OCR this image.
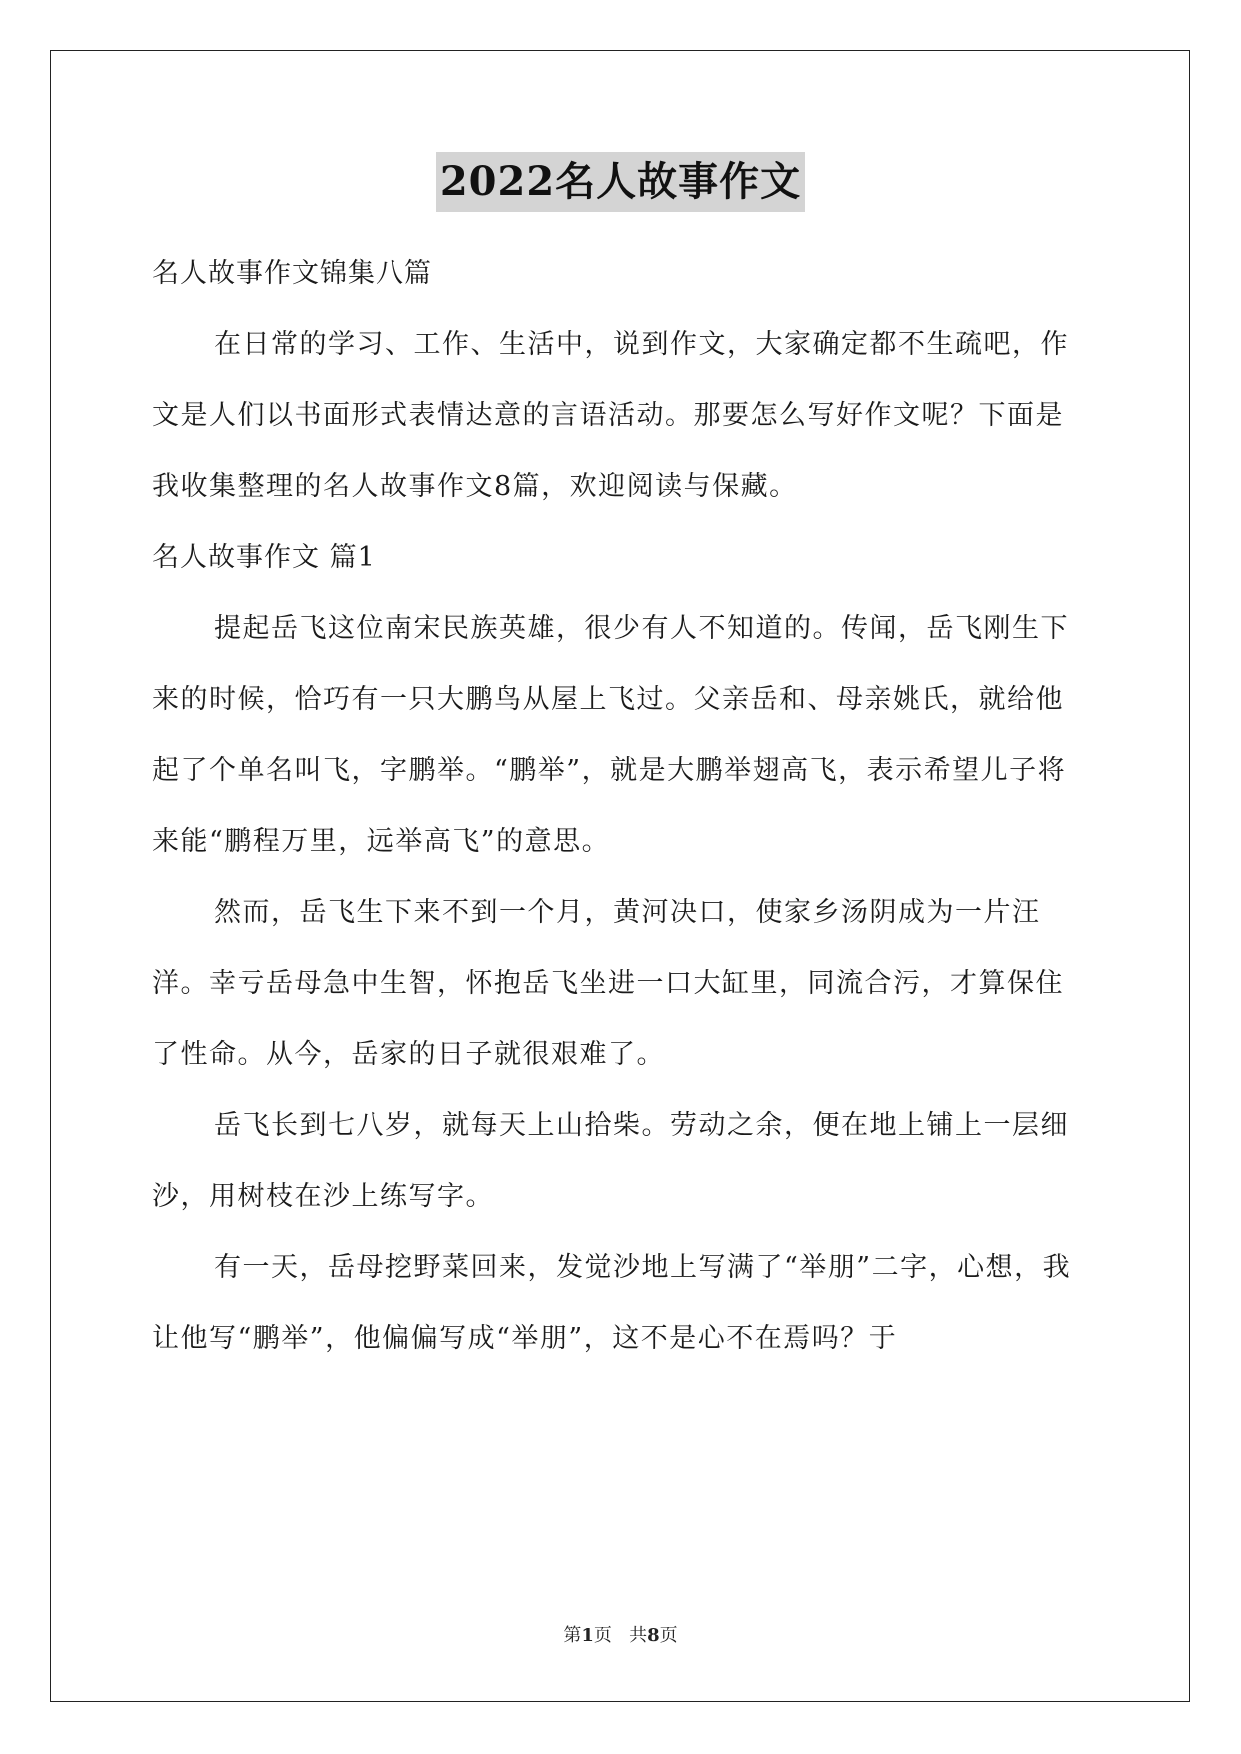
2022名人故事作文

名人故事作文锦集八篇

在日常的学习、工作、生活中，说到作文，大家确定都不生疏吧，作文是人们以书面形式表情达意的言语活动。那要怎么写好作文呢？下面是我收集整理的名人故事作文8篇，欢迎阅读与保藏。

名人故事作文 篇1

提起岳飞这位南宋民族英雄，很少有人不知道的。传闻，岳飞刚生下来的时候，恰巧有一只大鹏鸟从屋上飞过。父亲岳和、母亲姚氏，就给他起了个单名叫飞，字鹏举。“鹏举”，就是大鹏举翅高飞，表示希望儿子将来能“鹏程万里，远举高飞”的意思。

然而，岳飞生下来不到一个月，黄河决口，使家乡汤阴成为一片汪洋。幸亏岳母急中生智，怀抱岳飞坐进一口大缸里，同流合污，才算保住了性命。从今，岳家的日子就很艰难了。

岳飞长到七八岁，就每天上山拾柴。劳动之余，便在地上铺上一层细沙，用树枝在沙上练写字。

有一天，岳母挖野菜回来，发觉沙地上写满了“举朋”二字，心想，我让他写“鹏举”，他偏偏写成“举朋”，这不是心不在焉吗？于

第1页   共8页
